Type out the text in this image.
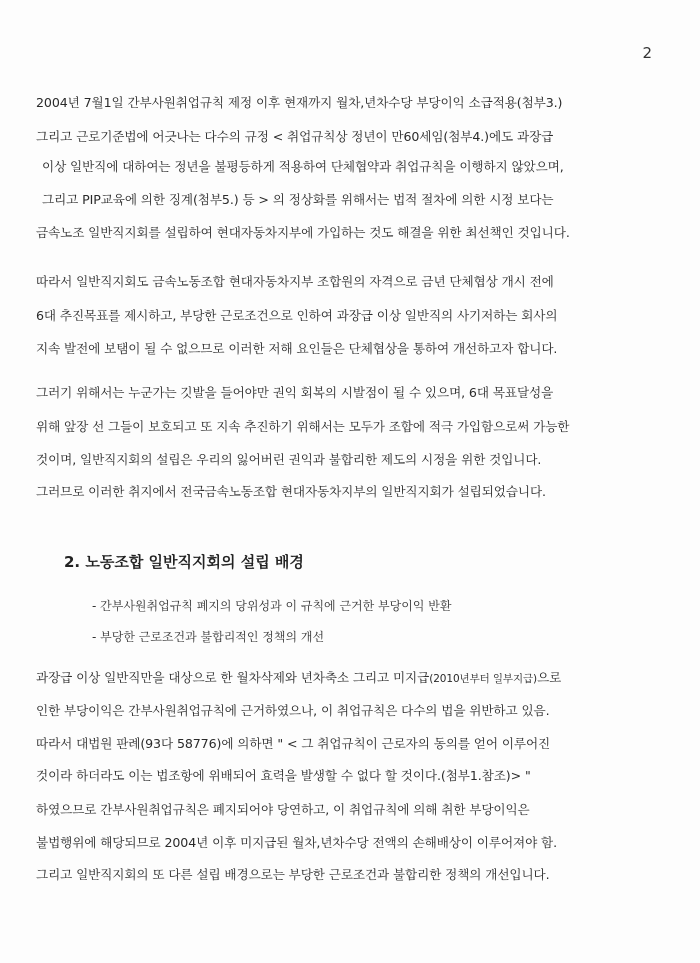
2
2004년 7월1일 간부사원취업규칙 제정 이후 현재까지 월차,년차수당 부당이익 소급적용(첨부3.)
그리고 근로기준법에 어긋나는 다수의 규정 < 취업규칙상 정년이 만60세임(첨부4.)에도 과장급
이상 일반직에 대하여는 정년을 불평등하게 적용하여 단체협약과 취업규칙을 이행하지 않았으며,
그리고 PIP교육에 의한 징계(첨부5.) 등 > 의 정상화를 위해서는 법적 절차에 의한 시정 보다는
금속노조 일반직지회를 설립하여 현대자동차지부에 가입하는 것도 해결을 위한 최선책인 것입니다.
따라서 일반직지회도 금속노동조합 현대자동차지부 조합원의 자격으로 금년 단체협상 개시 전에
6대 추진목표를 제시하고, 부당한 근로조건으로 인하여 과장급 이상 일반직의 사기저하는 회사의
지속 발전에 보탬이 될 수 없으므로 이러한 저해 요인들은 단체협상을 통하여 개선하고자 합니다.
그러기 위해서는 누군가는 깃발을 들어야만 권익 회복의 시발점이 될 수 있으며, 6대 목표달성을
위해 앞장 선 그들이 보호되고 또 지속 추진하기 위해서는 모두가 조합에 적극 가입함으로써 가능한
것이며, 일반직지회의 설립은 우리의 잃어버린 권익과 불합리한 제도의 시정을 위한 것입니다.
그러므로 이러한 취지에서 전국금속노동조합 현대자동차지부의 일반직지회가 설립되었습니다.
2. 노동조합 일반직지회의 설립 배경
- 간부사원취업규칙 폐지의 당위성과 이 규칙에 근거한 부당이익 반환
- 부당한 근로조건과 불합리적인 정책의 개선
과장급 이상 일반직만을 대상으로 한 월차삭제와 년차축소 그리고 미지급(2010년부터 일부지급)으로
인한 부당이익은 간부사원취업규칙에 근거하였으나, 이 취업규칙은 다수의 법을 위반하고 있음.
따라서 대법원 판례(93다 58776)에 의하면 " < 그 취업규칙이 근로자의 동의를 얻어 이루어진
것이라 하더라도 이는 법조항에 위배되어 효력을 발생할 수 없다 할 것이다.(첨부1.참조)> "
하였으므로 간부사원취업규칙은 폐지되어야 당연하고, 이 취업규칙에 의해 취한 부당이익은
불법행위에 해당되므로 2004년 이후 미지급된 월차,년차수당 전액의 손해배상이 이루어져야 함.
그리고 일반직지회의 또 다른 설립 배경으로는 부당한 근로조건과 불합리한 정책의 개선입니다.
